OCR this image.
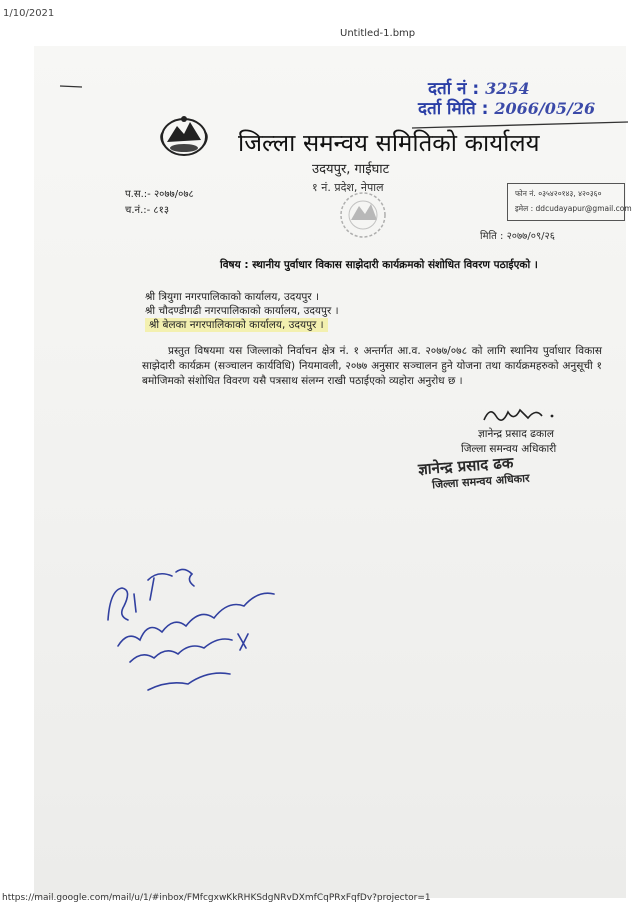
1/10/2021
Untitled-1.bmp
दर्ता नं : 3254
दर्ता मिति : 2066/05/26
जिल्ला समन्वय समितिको कार्यालय
उदयपुर, गाईघाट
१ नं. प्रदेश, नेपाल
प.स.:- २०७७/०७८
च.नं.:- ८१३
फोन नं. ०३५४२०१४३, ४२०३६०
इमेल : ddcudayapur@gmail.com
मिति : २०७७/०९/२६
विषय : स्थानीय पुर्वाधार विकास साझेदारी कार्यक्रमको संशोधित विवरण पठाईएको ।
श्री त्रियुगा नगरपालिकाको कार्यालय, उदयपुर ।
श्री चौदण्डीगढी नगरपालिकाको कार्यालय, उदयपुर ।
श्री बेलका नगरपालिकाको कार्यालय, उदयपुर ।
प्रस्तुत विषयमा यस जिल्लाको निर्वाचन क्षेत्र नं. १ अन्तर्गत आ.व. २०७७/०७८ को लागि स्थानिय पुर्वाधार विकास साझेदारी कार्यक्रम (सञ्चालन कार्यविधि) नियमावली, २०७७ अनुसार सञ्चालन हुने योजना तथा कार्यक्रमहरुको अनुसूची १ बमोजिमको संशोधित विवरण यसै पत्रसाथ संलग्न राखी पठाईएको व्यहोरा अनुरोध छ ।
ज्ञानेन्द्र प्रसाद ढकाल
जिल्ला समन्वय अधिकारी
ज्ञानेन्द्र प्रसाद ढक
जिल्ला समन्वय अधिकार
https://mail.google.com/mail/u/1/#inbox/FMfcgxwKkRHKSdgNRvDXmfCqPRxFqfDv?projector=1
